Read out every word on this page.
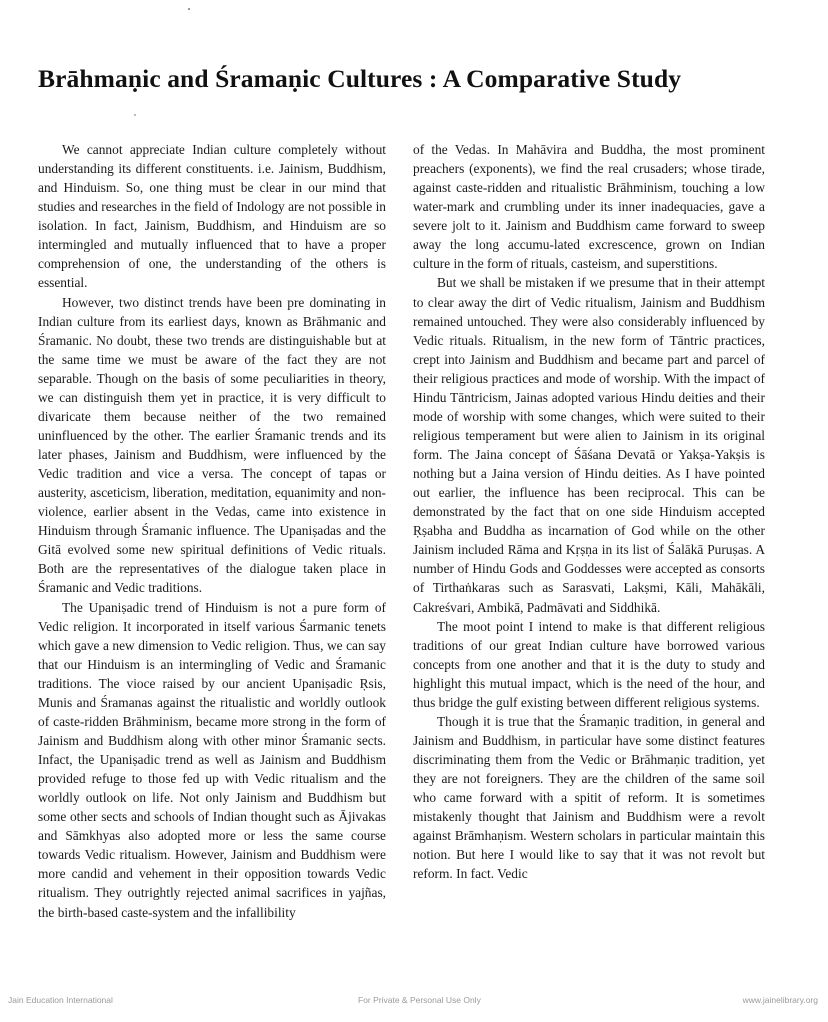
Brāhmaṇic and Śramaṇic Cultures : A Comparative Study

We cannot appreciate Indian culture completely without understanding its different constituents. i.e. Jainism, Buddhism, and Hinduism. So, one thing must be clear in our mind that studies and researches in the field of Indology are not possible in isolation. In fact, Jainism, Buddhism, and Hinduism are so intermingled and mutually influenced that to have a proper comprehension of one, the understanding of the others is essential.

However, two distinct trends have been pre dominating in Indian culture from its earliest days, known as Brāhmanic and Śramanic. No doubt, these two trends are distinguishable but at the same time we must be aware of the fact they are not separable. Though on the basis of some peculiarities in theory, we can distinguish them yet in practice, it is very difficult to divaricate them because neither of the two remained uninfluenced by the other. The earlier Śramanic trends and its later phases, Jainism and Buddhism, were influenced by the Vedic tradition and vice a versa. The concept of tapas or austerity, asceticism, liberation, meditation, equanimity and non-violence, earlier absent in the Vedas, came into existence in Hinduism through Śramanic influence. The Upaniṣadas and the Gitā evolved some new spiritual definitions of Vedic rituals. Both are the representatives of the dialogue taken place in Śramanic and Vedic traditions.

The Upaniṣadic trend of Hinduism is not a pure form of Vedic religion. It incorporated in itself various Śarmanic tenets which gave a new dimension to Vedic religion. Thus, we can say that our Hinduism is an intermingling of Vedic and Śramanic traditions. The vioce raised by our ancient Upaniṣadic Ṛsis, Munis and Śramanas against the ritualistic and worldly outlook of caste-ridden Brāhminism, became more strong in the form of Jainism and Buddhism along with other minor Śramanic sects. Infact, the Upaniṣadic trend as well as Jainism and Buddhism provided refuge to those fed up with Vedic ritualism and the worldly outlook on life. Not only Jainism and Buddhism but some other sects and schools of Indian thought such as Ājivakas and Sāmkhyas also adopted more or less the same course towards Vedic ritualism. However, Jainism and Buddhism were more candid and vehement in their opposition towards Vedic ritualism. They outrightly rejected animal sacrifices in yajñas, the birth-based caste-system and the infallibility

of the Vedas. In Mahāvira and Buddha, the most prominent preachers (exponents), we find the real crusaders; whose tirade, against caste-ridden and ritualistic Brāhminism, touching a low water-mark and crumbling under its inner inadequacies, gave a severe jolt to it. Jainism and Buddhism came forward to sweep away the long accumu-lated excrescence, grown on Indian culture in the form of rituals, casteism, and superstitions.

But we shall be mistaken if we presume that in their attempt to clear away the dirt of Vedic ritualism, Jainism and Buddhism remained untouched. They were also considerably influenced by Vedic rituals. Ritualism, in the new form of Tāntric practices, crept into Jainism and Buddhism and became part and parcel of their religious practices and mode of worship. With the impact of Hindu Tāntricism, Jainas adopted various Hindu deities and their mode of worship with some changes, which were suited to their religious temperament but were alien to Jainism in its original form. The Jaina concept of Śāśana Devatā or Yakṣa-Yakṣis is nothing but a Jaina version of Hindu deities. As I have pointed out earlier, the influence has been reciprocal. This can be demonstrated by the fact that on one side Hinduism accepted Ṛṣabha and Buddha as incarnation of God while on the other Jainism included Rāma and Kṛṣṇa in its list of Śalākā Puruṣas. A number of Hindu Gods and Goddesses were accepted as consorts of Tirthaṅkaras such as Sarasvati, Lakṣmi, Kāli, Mahākāli, Cakreśvari, Ambikā, Padmāvati and Siddhikā.

The moot point I intend to make is that different religious traditions of our great Indian culture have borrowed various concepts from one another and that it is the duty to study and highlight this mutual impact, which is the need of the hour, and thus bridge the gulf existing between different religious systems.

Though it is true that the Śramaṇic tradition, in general and Jainism and Buddhism, in particular have some distinct features discriminating them from the Vedic or Brāhmaṇic tradition, yet they are not foreigners. They are the children of the same soil who came forward with a spitit of reform. It is sometimes mistakenly thought that Jainism and Buddhism were a revolt against Brāmhaṇism. Western scholars in particular maintain this notion. But here I would like to say that it was not revolt but reform. In fact. Vedic

Jain Education International	For Private & Personal Use Only	www.jainelibrary.org
